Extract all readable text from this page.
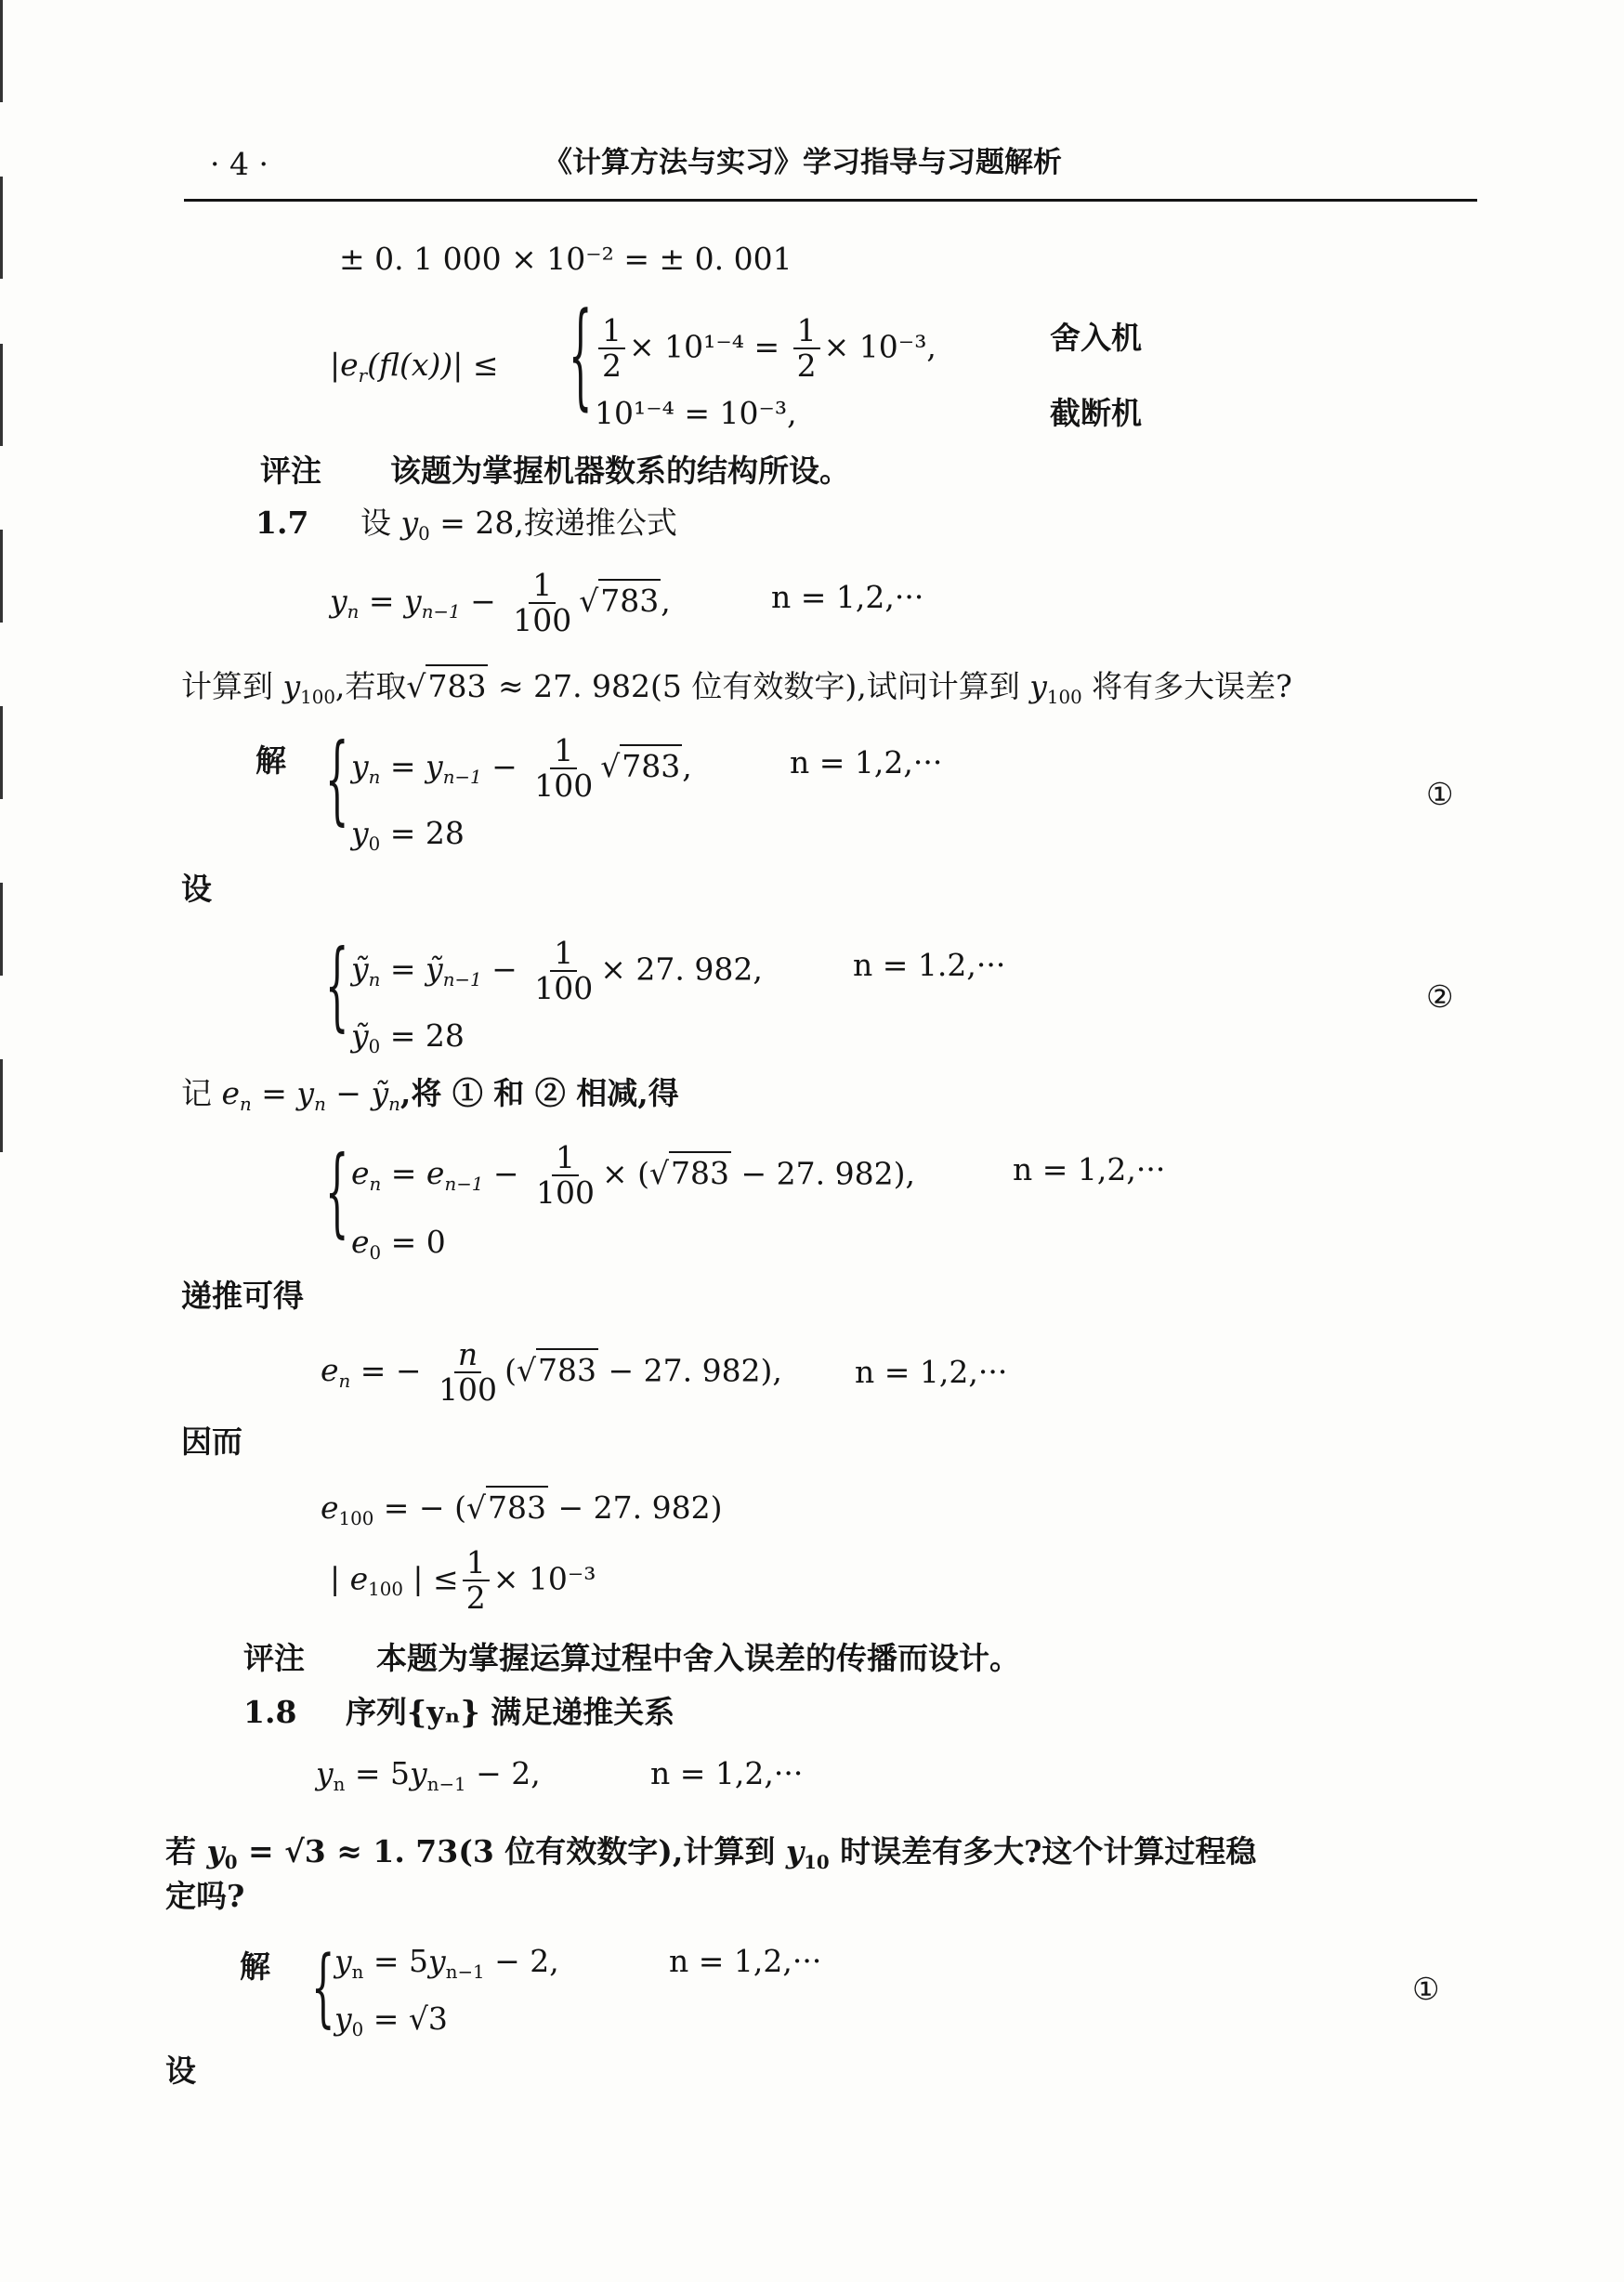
· 4 ·	《计算方法与实习》学习指导与习题解析
± 0. 1 000 × 10⁻² = ± 0. 001
$|e_r(fl(x))|$ ≤ { $\frac{1}{2} \times 10^{1-4} = \frac{1}{2} \times 10^{-3}$,	舍入机
10¹⁻⁴ = 10⁻³,	截断机
评注 该题为掌握机器数系的结构所设。
1.7 设 $y_0 = 28$,按递推公式
$y_n = y_{n-1} - \frac{1}{100} √783$,	n = 1,2,···
计算到 $y_{100}$,若取√783 ≈ 27. 982(5 位有效数字),试问计算到 $y_{100}$ 将有多大误差?
解 { $y_n = y_{n-1} - \frac{1}{100} √783$,	n = 1,2,···
$y_0 = 28$
①
设
{ ỹ$_n$ = ỹ$_{n-1}$ − $\frac{1}{100} \times 27$. 982,	n = 1.2,···
ỹ$_0$ = 28
②
记 $e_n = y_n$ − ỹ$_n$,将 ① 和 ② 相减,得
{ $e_n = e_{n-1} - \frac{1}{100} \times (√783 - 27$. 982),	n = 1,2,···
$e_0 = 0$
递推可得
$e_n$ = − $\frac{n}{100} (√783 - 27$. 982), n = 1,2,···
因而
$e_{100}$ = − (√783 − 27. 982)
| $e_{100}$ | ≤ $\frac{1}{2} \times 10^{-3}$
评注 本题为掌握运算过程中舍入误差的传播而设计。
1.8 序列{yₙ} 满足递推关系
$y_n = 5y_{n-1} - 2$,	n = 1,2,···
若 $y_0 = √3 \approx 1$. 73(3 位有效数字),计算到 $y_{10}$ 时误差有多大?这个计算过程稳
定吗?
解 { $y_n = 5y_{n-1} - 2$,	n = 1,2,···
$y_0 = √3$
①
设
